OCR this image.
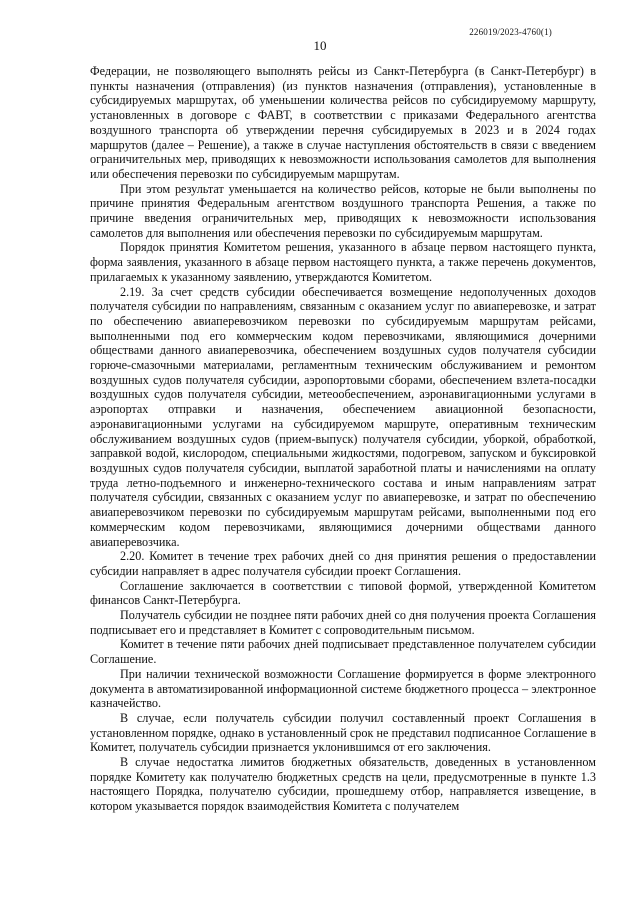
226019/2023-4760(1)
10

Федерации, не позволяющего выполнять рейсы из Санкт-Петербурга (в Санкт-Петербург) в пункты назначения (отправления) (из пунктов назначения (отправления), установленные в субсидируемых маршрутах, об уменьшении количества рейсов по субсидируемому маршруту, установленных в договоре с ФАВТ, в соответствии с приказами Федерального агентства воздушного транспорта об утверждении перечня субсидируемых в 2023 и в 2024 годах маршрутов (далее – Решение), а также в случае наступления обстоятельств в связи с введением ограничительных мер, приводящих к невозможности использования самолетов для выполнения или обеспечения перевозки по субсидируемым маршрутам.

При этом результат уменьшается на количество рейсов, которые не были выполнены по причине принятия Федеральным агентством воздушного транспорта Решения, а также по причине введения ограничительных мер, приводящих к невозможности использования самолетов для выполнения или обеспечения перевозки по субсидируемым маршрутам.

Порядок принятия Комитетом решения, указанного в абзаце первом настоящего пункта, форма заявления, указанного в абзаце первом настоящего пункта, а также перечень документов, прилагаемых к указанному заявлению, утверждаются Комитетом.

2.19. За счет средств субсидии обеспечивается возмещение недополученных доходов получателя субсидии по направлениям, связанным с оказанием услуг по авиаперевозке, и затрат по обеспечению авиаперевозчиком перевозки по субсидируемым маршрутам рейсами, выполненными под его коммерческим кодом перевозчиками, являющимися дочерними обществами данного авиаперевозчика, обеспечением воздушных судов получателя субсидии горюче-смазочными материалами, регламентным техническим обслуживанием и ремонтом воздушных судов получателя субсидии, аэропортовыми сборами, обеспечением взлета-посадки воздушных судов получателя субсидии, метеообеспечением, аэронавигационными услугами в аэропортах отправки и назначения, обеспечением авиационной безопасности, аэронавигационными услугами на субсидируемом маршруте, оперативным техническим обслуживанием воздушных судов (прием-выпуск) получателя субсидии, уборкой, обработкой, заправкой водой, кислородом, специальными жидкостями, подогревом, запуском и буксировкой воздушных судов получателя субсидии, выплатой заработной платы и начислениями на оплату труда летно-подъемного и инженерно-технического состава и иным направлениям затрат получателя субсидии, связанных с оказанием услуг по авиаперевозке, и затрат по обеспечению авиаперевозчиком перевозки по субсидируемым маршрутам рейсами, выполненными под его коммерческим кодом перевозчиками, являющимися дочерними обществами данного авиаперевозчика.

2.20. Комитет в течение трех рабочих дней со дня принятия решения о предоставлении субсидии направляет в адрес получателя субсидии проект Соглашения.

Соглашение заключается в соответствии с типовой формой, утвержденной Комитетом финансов Санкт-Петербурга.

Получатель субсидии не позднее пяти рабочих дней со дня получения проекта Соглашения подписывает его и представляет в Комитет с сопроводительным письмом.

Комитет в течение пяти рабочих дней подписывает представленное получателем субсидии Соглашение.

При наличии технической возможности Соглашение формируется в форме электронного документа в автоматизированной информационной системе бюджетного процесса – электронное казначейство.

В случае, если получатель субсидии получил составленный проект Соглашения в установленном порядке, однако в установленный срок не представил подписанное Соглашение в Комитет, получатель субсидии признается уклонившимся от его заключения.

В случае недостатка лимитов бюджетных обязательств, доведенных в установленном порядке Комитету как получателю бюджетных средств на цели, предусмотренные в пункте 1.3 настоящего Порядка, получателю субсидии, прошедшему отбор, направляется извещение, в котором указывается порядок взаимодействия Комитета с получателем
